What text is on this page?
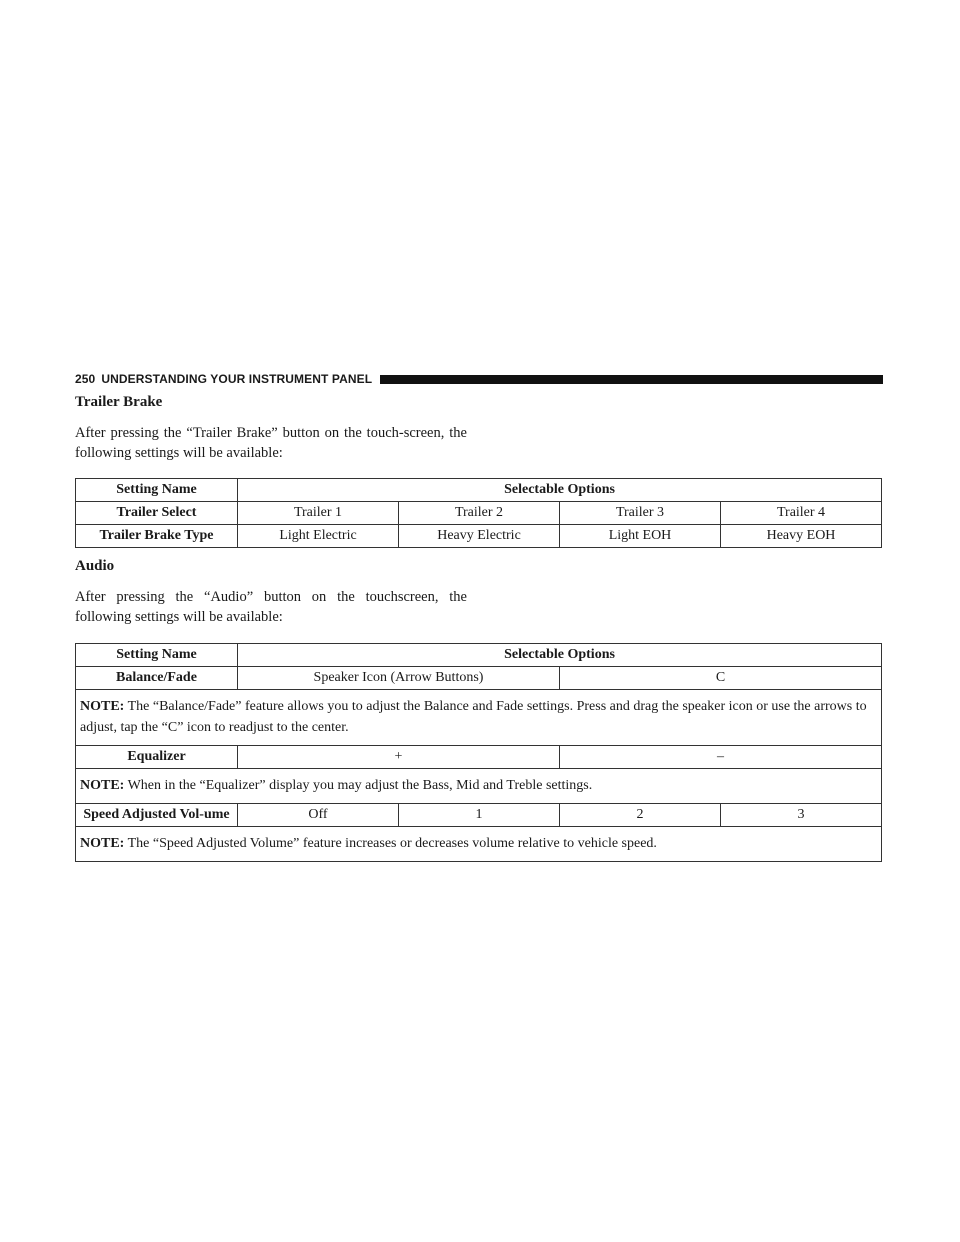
250 UNDERSTANDING YOUR INSTRUMENT PANEL
Trailer Brake

After pressing the “Trailer Brake” button on the touch-screen, the following settings will be available:

Setting Name	Selectable Options			
Trailer Select	Trailer 1	Trailer 2	Trailer 3	Trailer 4
Trailer Brake Type	Light Electric	Heavy Electric	Light EOH	Heavy EOH
Audio

After pressing the “Audio” button on the touchscreen, the following settings will be available:

Setting Name	Selectable Options			
Balance/Fade	Speaker Icon (Arrow Buttons)		C	
NOTE: The “Balance/Fade” feature allows you to adjust the Balance and Fade settings. Press and drag the speaker icon or use the arrows to adjust, tap the “C” icon to readjust to the center.				
Equalizer	+		–	
NOTE: When in the “Equalizer” display you may adjust the Bass, Mid and Treble settings.				
Speed Adjusted Vol-ume	Off	1	2	3
NOTE: The “Speed Adjusted Volume” feature increases or decreases volume relative to vehicle speed.				
